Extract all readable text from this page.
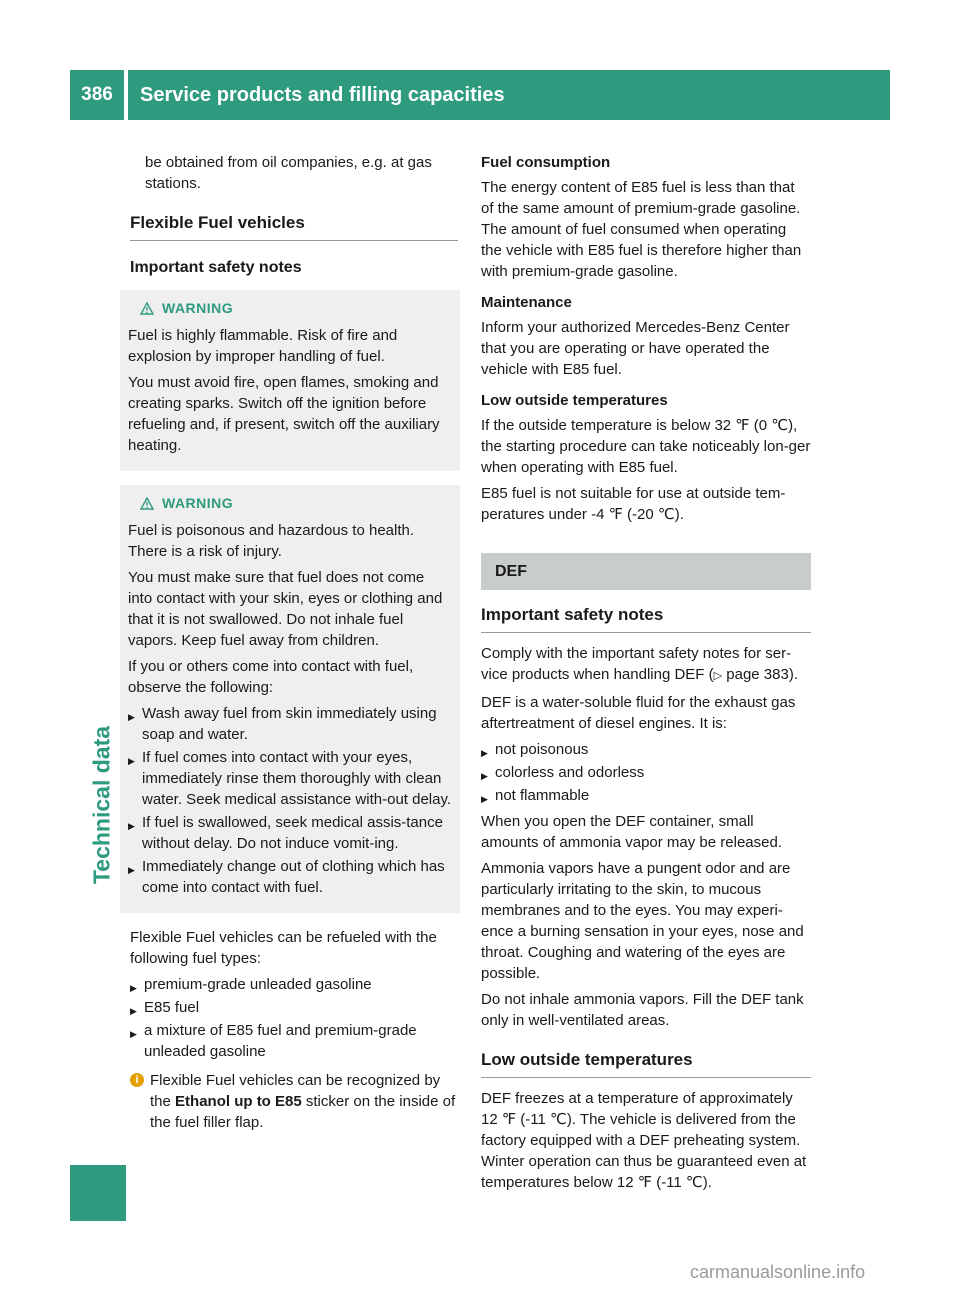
386	Service products and filling capacities
Technical data

be obtained from oil companies, e.g. at gas stations.

Flexible Fuel vehicles
Important safety notes
WARNING

Fuel is highly flammable. Risk of fire and explosion by improper handling of fuel.

You must avoid fire, open flames, smoking and creating sparks. Switch off the ignition before refueling and, if present, switch off the auxiliary heating.

WARNING

Fuel is poisonous and hazardous to health. There is a risk of injury.

You must make sure that fuel does not come into contact with your skin, eyes or clothing and that it is not swallowed. Do not inhale fuel vapors. Keep fuel away from children.

If you or others come into contact with fuel, observe the following:

▶ Wash away fuel from skin immediately using soap and water.
▶ If fuel comes into contact with your eyes, immediately rinse them thoroughly with clean water. Seek medical assistance with-out delay.
▶ If fuel is swallowed, seek medical assis-tance without delay. Do not induce vomit-ing.
▶ Immediately change out of clothing which has come into contact with fuel.

Flexible Fuel vehicles can be refueled with the following fuel types:

▶ premium-grade unleaded gasoline
▶ E85 fuel
▶ a mixture of E85 fuel and premium-grade unleaded gasoline
i Flexible Fuel vehicles can be recognized by the Ethanol up to E85 sticker on the inside of the fuel filler flap.
Fuel consumption

The energy content of E85 fuel is less than that of the same amount of premium-grade gasoline. The amount of fuel consumed when operating the vehicle with E85 fuel is therefore higher than with premium-grade gasoline.

Maintenance

Inform your authorized Mercedes-Benz Center that you are operating or have operated the vehicle with E85 fuel.

Low outside temperatures

If the outside temperature is below 32 ℉ (0 ℃), the starting procedure can take noticeably lon-ger when operating with E85 fuel.

E85 fuel is not suitable for use at outside tem-peratures under -4 ℉ (-20 ℃).

DEF
Important safety notes

Comply with the important safety notes for ser-vice products when handling DEF (▷ page 383).

DEF is a water-soluble fluid for the exhaust gas aftertreatment of diesel engines. It is:

▶ not poisonous
▶ colorless and odorless
▶ not flammable

When you open the DEF container, small amounts of ammonia vapor may be released.

Ammonia vapors have a pungent odor and are particularly irritating to the skin, to mucous membranes and to the eyes. You may experi-ence a burning sensation in your eyes, nose and throat. Coughing and watering of the eyes are possible.

Do not inhale ammonia vapors. Fill the DEF tank only in well-ventilated areas.

Low outside temperatures

DEF freezes at a temperature of approximately 12 ℉ (-11 ℃). The vehicle is delivered from the factory equipped with a DEF preheating system. Winter operation can thus be guaranteed even at temperatures below 12 ℉ (-11 ℃).

carmanualsonline.info
